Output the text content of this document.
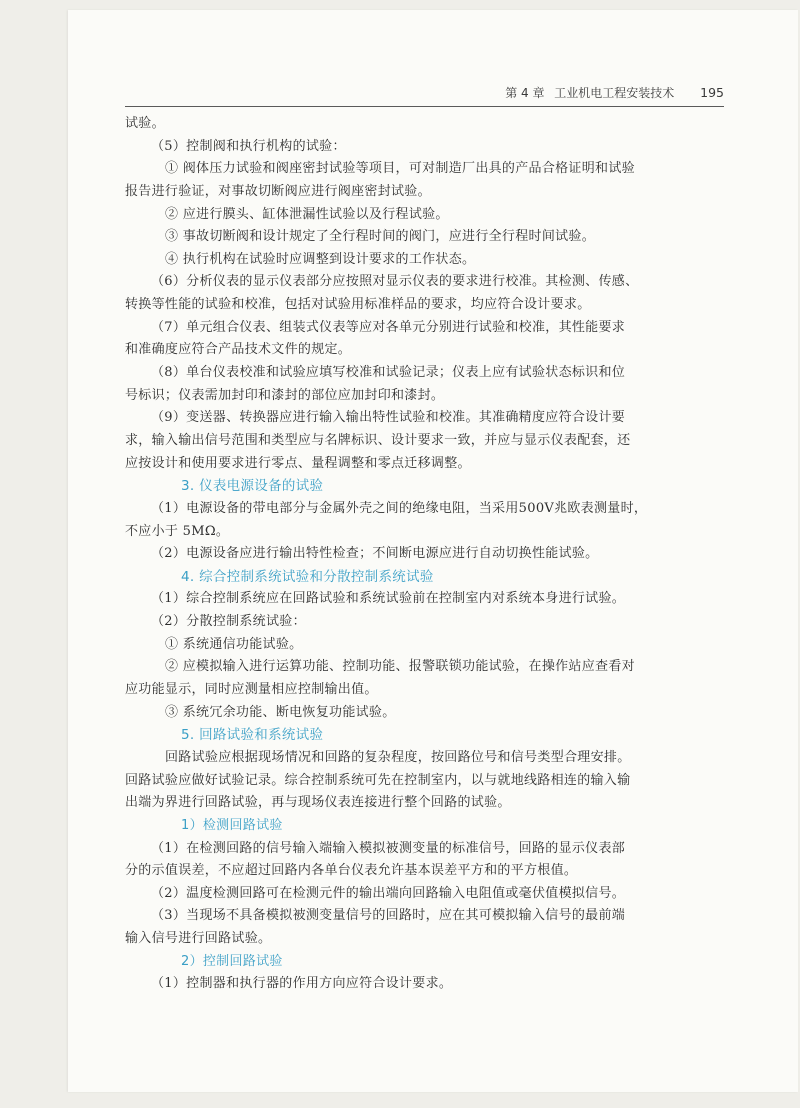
第 4 章 工业机电工程安装技术 195
试验。
（5）控制阀和执行机构的试验：
① 阀体压力试验和阀座密封试验等项目，可对制造厂出具的产品合格证明和试验
报告进行验证，对事故切断阀应进行阀座密封试验。
② 应进行膜头、缸体泄漏性试验以及行程试验。
③ 事故切断阀和设计规定了全行程时间的阀门，应进行全行程时间试验。
④ 执行机构在试验时应调整到设计要求的工作状态。
（6）分析仪表的显示仪表部分应按照对显示仪表的要求进行校准。其检测、传感、
转换等性能的试验和校准，包括对试验用标准样品的要求，均应符合设计要求。
（7）单元组合仪表、组装式仪表等应对各单元分别进行试验和校准，其性能要求
和准确度应符合产品技术文件的规定。
（8）单台仪表校准和试验应填写校准和试验记录；仪表上应有试验状态标识和位
号标识；仪表需加封印和漆封的部位应加封印和漆封。
（9）变送器、转换器应进行输入输出特性试验和校准。其准确精度应符合设计要
求，输入输出信号范围和类型应与名牌标识、设计要求一致，并应与显示仪表配套，还
应按设计和使用要求进行零点、量程调整和零点迁移调整。
3. 仪表电源设备的试验
（1）电源设备的带电部分与金属外壳之间的绝缘电阻，当采用500V兆欧表测量时，
不应小于 5MΩ。
（2）电源设备应进行输出特性检查；不间断电源应进行自动切换性能试验。
4. 综合控制系统试验和分散控制系统试验
（1）综合控制系统应在回路试验和系统试验前在控制室内对系统本身进行试验。
（2）分散控制系统试验：
① 系统通信功能试验。
② 应模拟输入进行运算功能、控制功能、报警联锁功能试验，在操作站应查看对
应功能显示，同时应测量相应控制输出值。
③ 系统冗余功能、断电恢复功能试验。
5. 回路试验和系统试验
回路试验应根据现场情况和回路的复杂程度，按回路位号和信号类型合理安排。
回路试验应做好试验记录。综合控制系统可先在控制室内，以与就地线路相连的输入输
出端为界进行回路试验，再与现场仪表连接进行整个回路的试验。
1）检测回路试验
（1）在检测回路的信号输入端输入模拟被测变量的标准信号，回路的显示仪表部
分的示值误差，不应超过回路内各单台仪表允许基本误差平方和的平方根值。
（2）温度检测回路可在检测元件的输出端向回路输入电阻值或毫伏值模拟信号。
（3）当现场不具备模拟被测变量信号的回路时，应在其可模拟输入信号的最前端
输入信号进行回路试验。
2）控制回路试验
（1）控制器和执行器的作用方向应符合设计要求。
